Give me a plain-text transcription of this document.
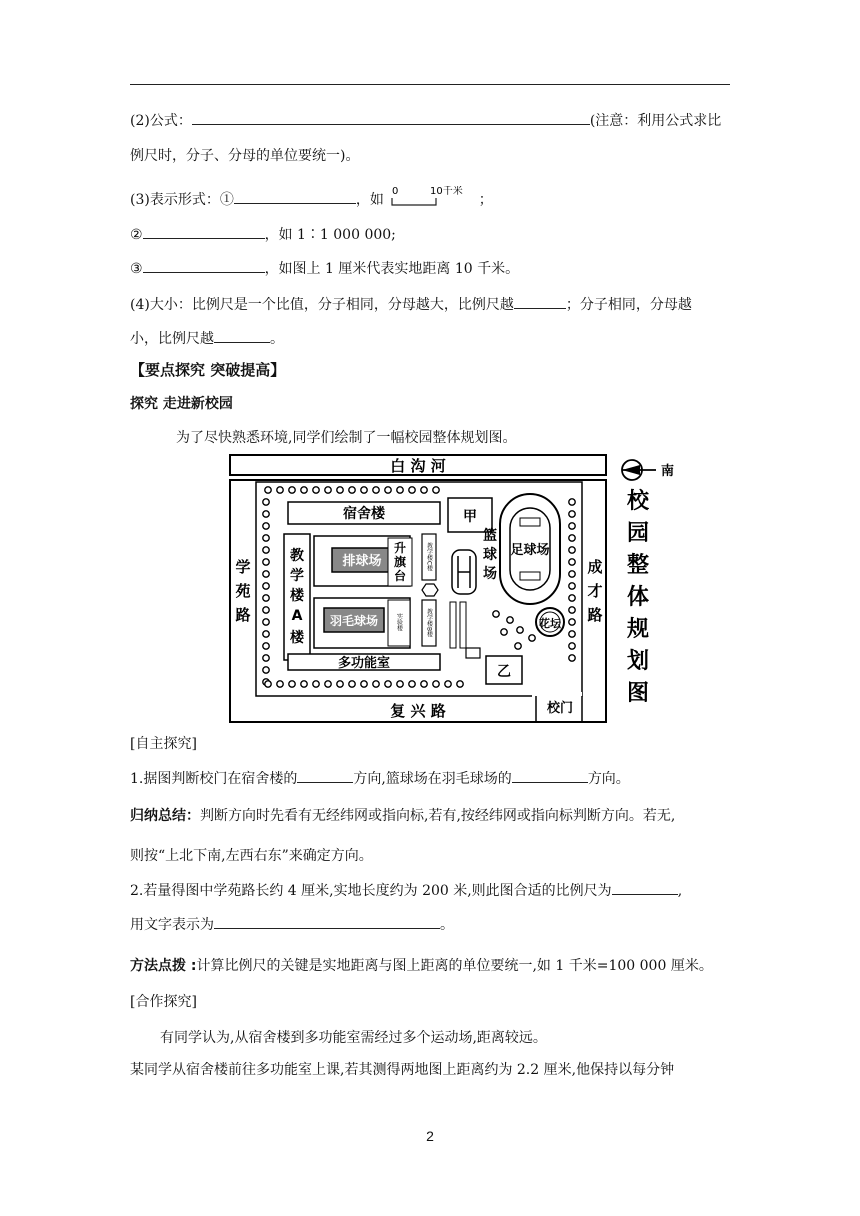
(2)公式：	(注意：利用公式求比
例尺时，分子、分母的单位要统一)。
(3)表示形式：①	，如
0	10千米
；
②	，如 1∶1 000 000;
③	，如图上 1 厘米代表实地距离 10 千米。
(4)大小：比例尺是一个比值，分子相同，分母越大，比例尺越	；分子相同，分母越
小，比例尺越	。
【要点探究 突破提高】
探究 走进新校园
为了尽快熟悉环境,同学们绘制了一幅校园整体规划图。
白 沟 河
复 兴 路
学
苑
路
成
才
路
宿舍楼	甲
足球场
教
学
楼
A
楼
排球场
升
旗
台
教学楼C楼
教学楼B楼
羽毛球场	实验楼
篮
球
场
多功能室
乙
花坛
校门
南
校
园
整
体
规
划
图
[自主探究]
1.据图判断校门在宿舍楼的	方向,篮球场在羽毛球场的	方向。
归纳总结：判断方向时先看有无经纬网或指向标,若有,按经纬网或指向标判断方向。若无,
则按“上北下南,左西右东”来确定方向。
2.若量得图中学苑路长约 4 厘米,实地长度约为 200 米,则此图合适的比例尺为	,
用文字表示为	。
方法点拨 :计算比例尺的关键是实地距离与图上距离的单位要统一,如 1 千米=100 000 厘米。
[合作探究]
有同学认为,从宿舍楼到多功能室需经过多个运动场,距离较远。
某同学从宿舍楼前往多功能室上课,若其测得两地图上距离约为 2.2 厘米,他保持以每分钟
2
